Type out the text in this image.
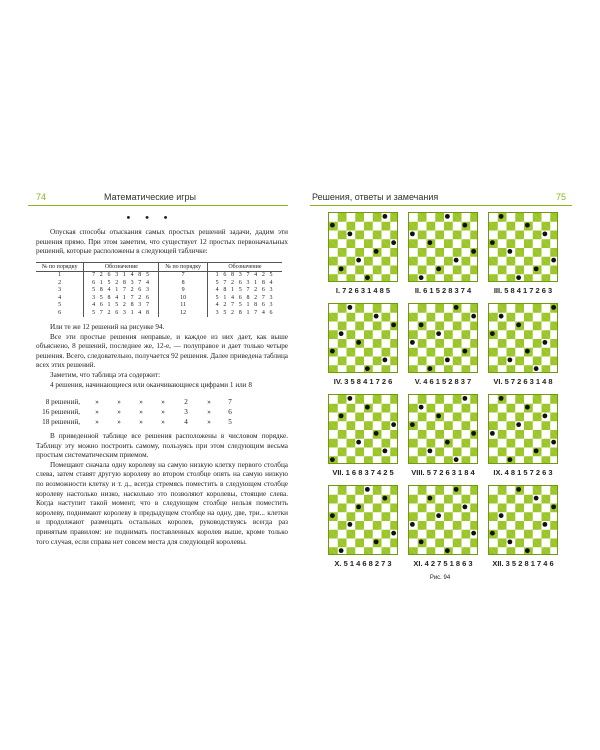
74	Математические игры
• • •

Опуская способы отыскания самых простых решений задачи, дадим эти решения прямо. При этом заметим, что существует 12 простых первоначальных решений, которые расположены в следующей табличке:

№ по порядку	Обозначение	№ по порядку	Обозначение
1	7 2 6 3 1 4 8 5	7	1 6 8 3 7 4 2 5
2	6 1 5 2 8 3 7 4	8	5 7 2 6 3 1 8 4
3	5 8 4 1 7 2 6 3	9	4 8 1 5 7 2 6 3
4	3 5 8 4 1 7 2 6	10	5 1 4 6 8 2 7 3
5	4 6 1 5 2 8 3 7	11	4 2 7 5 1 8 6 3
6	5 7 2 6 3 1 4 8	12	3 5 2 8 1 7 4 6

Или те же 12 решений на рисунке 94.

Все эти простые решения неправые, и каждое из них дает, как выше объяснено, 8 решений, последнее же, 12-е, — полуправое и дает только четыре решения. Всего, следовательно, получается 92 решения. Далее приведена таблица всех этих решений.

Заметим, что таблица эта содержит:

4 решения, начинающиеся или оканчивающиеся цифрами 1 или 8

8 решений,	»	»	»	»	2	»	7
16 решений,	»	»	»	»	3	»	6
18 решений,	»	»	»	»	4	»	5

В приведенной таблице все решения расположены в числовом порядке. Таблицу эту можно построить самому, пользуясь при этом следующим весьма простым систематическим приемом.

Помещают сначала одну королеву на самую низкую клетку первого столбца слева, затем ставят другую королеву во втором столбце опять на самую низкую по возможности клетку и т. д., всегда стремясь поместить в следующем столбце королеву настолько низко, насколько это позволяют королевы, стоящие слева. Когда наступит такой момент, что в следующем столбце нельзя поместить королеву, поднимают королеву в предыдущем столбце на одну, две, три... клетки и продолжают размещать остальных королев, руководствуясь всегда раз принятым правилом: не поднимать поставленных королев выше, кроме только того случая, если справа нет совсем места для следующей королевы.

Решения, ответы и замечания	75
I. 7 2 6 3 1 4 8 5	II. 6 1 5 2 8 3 7 4	III. 5 8 4 1 7 2 6 3
IV. 3 5 8 4 1 7 2 6	V. 4 6 1 5 2 8 3 7	VI. 5 7 2 6 3 1 4 8
VII. 1 6 8 3 7 4 2 5	VIII. 5 7 2 6 3 1 8 4	IX. 4 8 1 5 7 2 6 3
X. 5 1 4 6 8 2 7 3	XI. 4 2 7 5 1 8 6 3	XII. 3 5 2 8 1 7 4 6
Рис. 94
